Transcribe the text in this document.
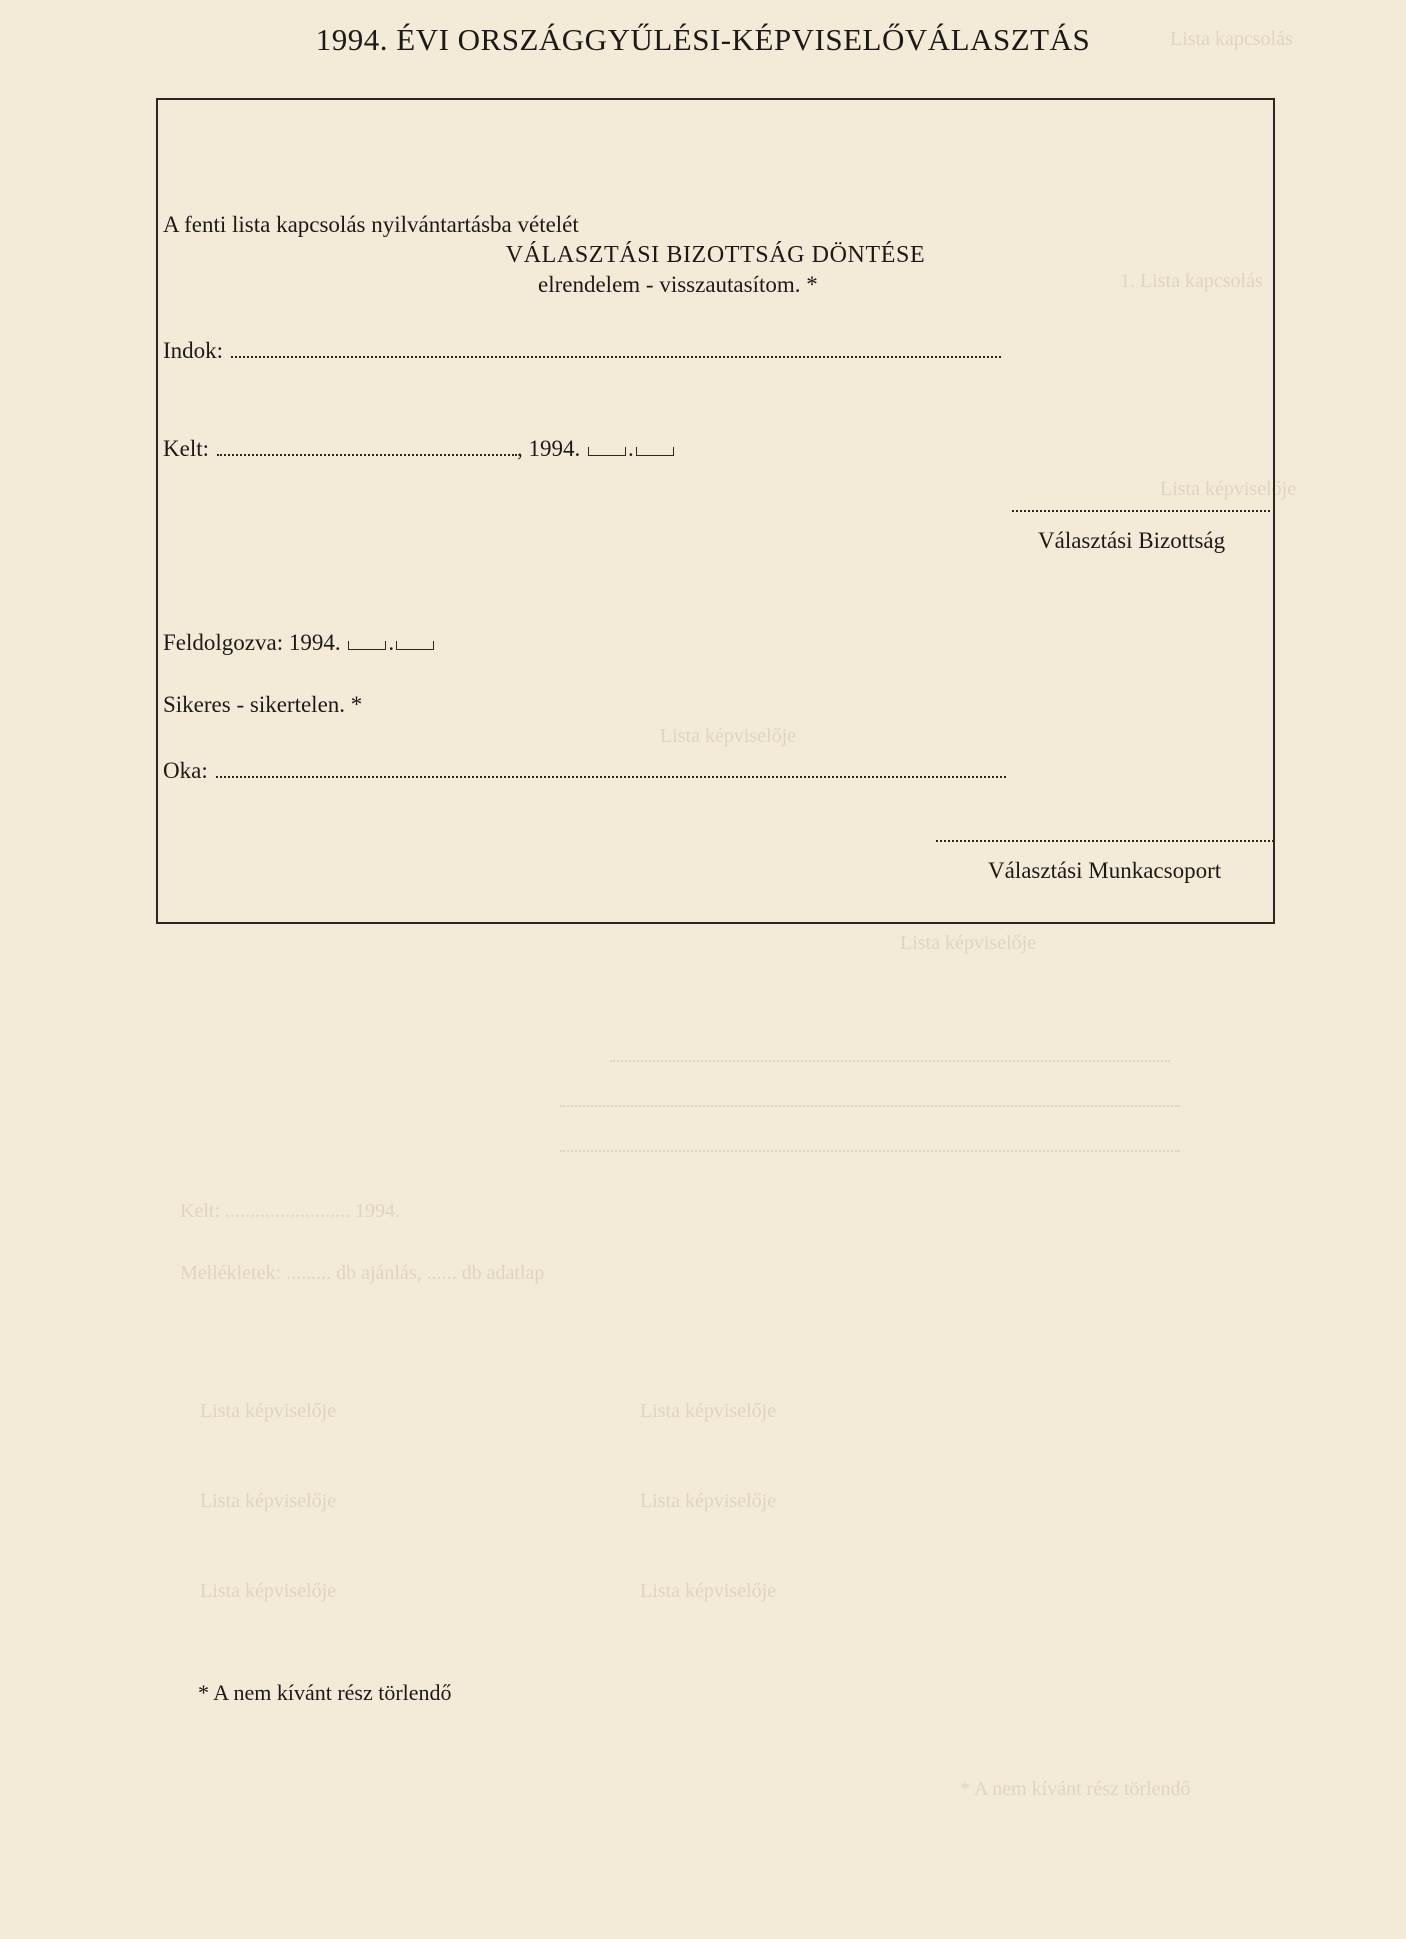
Lista kapcsolás
1. Lista kapcsolás
Lista képviselője
Lista képviselője
Lista képviselője
Kelt: ......................... 1994.
Mellékletek: ......... db ajánlás, ...... db adatlap
Lista képviselője	Lista képviselője
Lista képviselője	Lista képviselője
Lista képviselője	Lista képviselője
* A nem kívánt rész törlendő
1994. ÉVI ORSZÁGGYŰLÉSI-KÉPVISELŐVÁLASZTÁS
VÁLASZTÁSI BIZOTTSÁG DÖNTÉSE
A fenti lista kapcsolás nyilvántartásba vételét
elrendelem - visszautasítom. *
Indok:
Kelt:	, 1994. .
Választási Bizottság
Feldolgozva: 1994. .
Sikeres - sikertelen. *
Oka:
Választási Munkacsoport
* A nem kívánt rész törlendő
